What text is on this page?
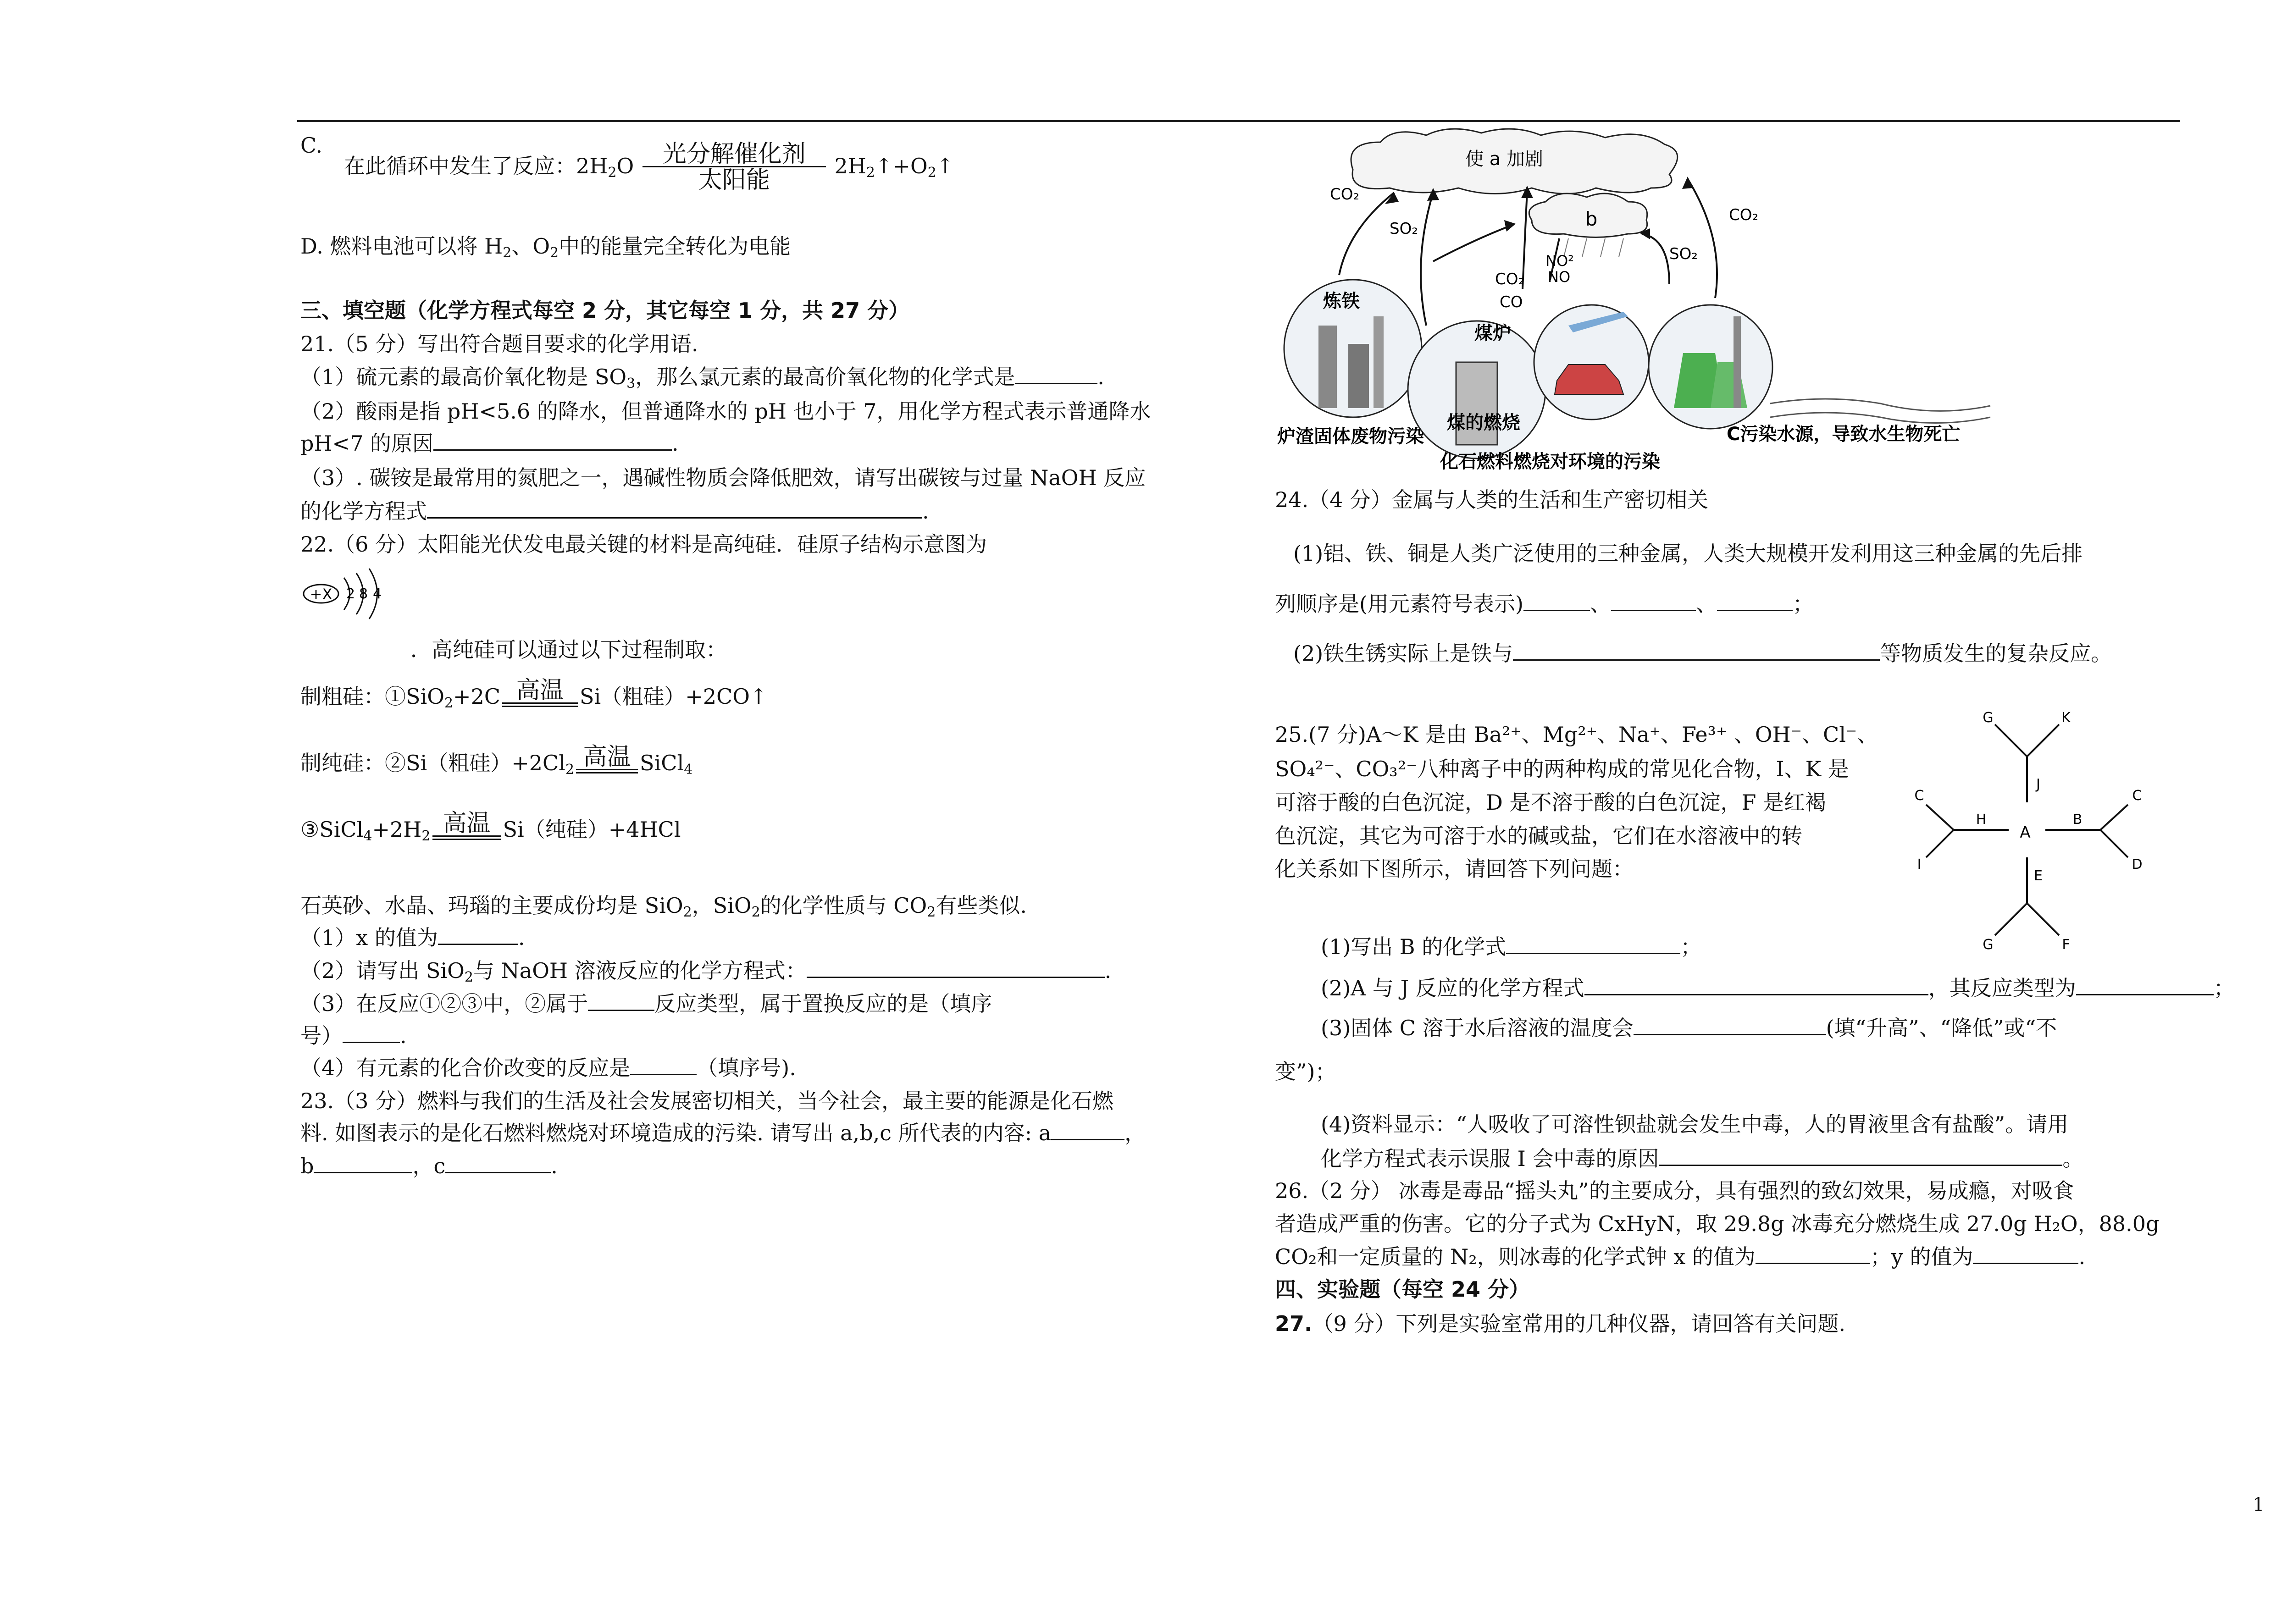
C.
在此循环中发生了反应：$2H_2O$	光分解催化剂
太阳能
$2H_2↑+O_2↑$
D. 燃料电池可以将 $H_2$、$O_2$中的能量完全转化为电能
三、填空题（化学方程式每空 2 分，其它每空 1 分，共 27 分）
21.（5 分）写出符合题目要求的化学用语.
（1）硫元素的最高价氧化物是 $SO_3$，那么氯元素的最高价氧化物的化学式是	.
（2）酸雨是指 pH<5.6 的降水，但普通降水的 pH 也小于 7，用化学方程式表示普通降水
pH<7 的原因	.
（3）. 碳铵是最常用的氮肥之一，遇碱性物质会降低肥效，请写出碳铵与过量 NaOH 反应
的化学方程式	.
22.（6 分）太阳能光伏发电最关键的材料是高纯硅．硅原子结构示意图为
+X 2 8 4
．高纯硅可以通过以下过程制取：
制粗硅：①SiO$_2$+2C 高温 Si（粗硅）+2CO↑
制纯硅：②Si（粗硅）$+2Cl_2$ 高温 SiCl$_4$
$③SiCl_4+2H_2$ 高温 Si（纯硅）+4HCl
石英砂、水晶、玛瑙的主要成份均是 SiO$_2$，SiO$_2$的化学性质与 $CO_2$有些类似.
（1）x 的值为	.
（2）请写出 SiO$_2$与 NaOH 溶液反应的化学方程式：	.
（3）在反应①②③中，②属于	反应类型，属于置换反应的是（填序
号）	.
（4）有元素的化合价改变的反应是	（填序号).
23.（3 分）燃料与我们的生活及社会发展密切相关，当今社会，最主要的能源是化石燃
料. 如图表示的是化石燃料燃烧对环境造成的污染. 请写出 a,b,c 所代表的内容: a	，
b	，c	.
使 a 加剧
b
CO₂
SO₂
CO₂
SO₂
NO²
NO
CO₂
CO
炼铁
煤炉
炉渣固体废物污染
煤的燃烧
C污染水源，导致水生物死亡
化石燃料燃烧对环境的污染
24.（4 分）金属与人类的生活和生产密切相关
(1)铝、铁、铜是人类广泛使用的三种金属，人类大规模开发利用这三种金属的先后排
列顺序是(用元素符号表示)	、	、	；
(2)铁生锈实际上是铁与	等物质发生的复杂反应。
25.(7 分)A～K 是由 Ba²⁺、Mg²⁺、Na⁺、Fe³⁺ 、OH⁻、Cl⁻、
SO₄²⁻、CO₃²⁻八种离子中的两种构成的常见化合物，I、K 是
可溶于酸的白色沉淀，D 是不溶于酸的白色沉淀，F 是红褐
色沉淀，其它为可溶于水的碱或盐，它们在水溶液中的转
化关系如下图所示，请回答下列问题：
(1)写出 B 的化学式	；
(2)A 与 J 反应的化学方程式	，其反应类型为	；
(3)固体 C 溶于水后溶液的温度会	(填“升高”、“降低”或“不
变”)；
(4)资料显示：“人吸收了可溶性钡盐就会发生中毒，人的胃液里含有盐酸”。请用
化学方程式表示误服 I 会中毒的原因	。
26.（2 分） 冰毒是毒品“摇头丸”的主要成分，具有强烈的致幻效果，易成瘾，对吸食
者造成严重的伤害。它的分子式为 CxHyN，取 29.8g 冰毒充分燃烧生成 27.0g H₂O，88.0g
CO₂和一定质量的 N₂，则冰毒的化学式钟 x 的值为	；y 的值为	.
四、实验题（每空 24 分）
27.（9 分）下列是实验室常用的几种仪器，请回答有关问题.
A
B
H
J
E
G	K
C
I
C
D
G	F
1
